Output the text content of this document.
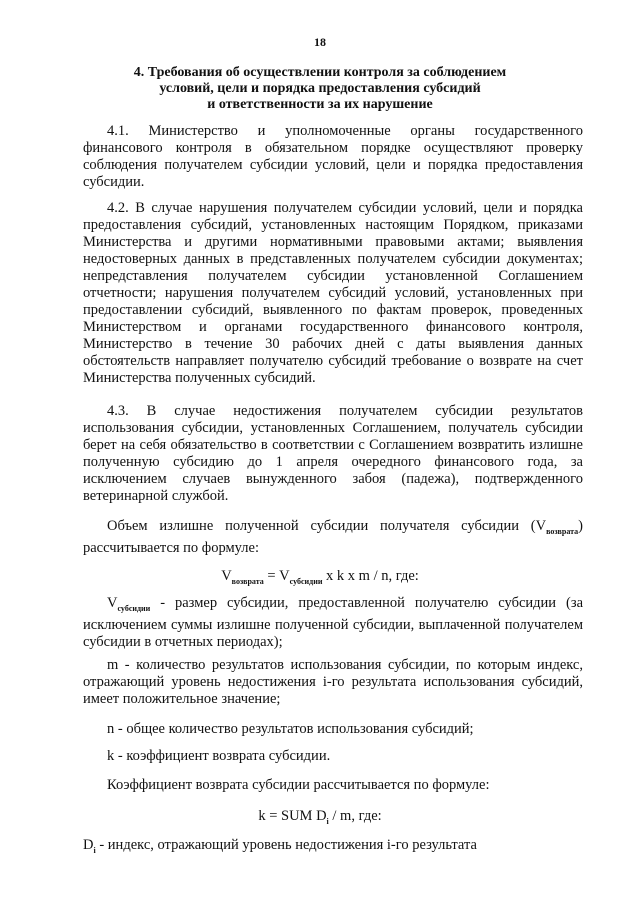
18
4. Требования об осуществлении контроля за соблюдением
условий, цели и порядка предоставления субсидий
и ответственности за их нарушение
4.1. Министерство и уполномоченные органы государственного финансового контроля в обязательном порядке осуществляют проверку соблюдения получателем субсидии условий, цели и порядка предоставления субсидии.
4.2. В случае нарушения получателем субсидии условий, цели и порядка предоставления субсидий, установленных настоящим Порядком, приказами Министерства и другими нормативными правовыми актами; выявления недостоверных данных в представленных получателем субсидии документах; непредставления получателем субсидии установленной Соглашением отчетности; нарушения получателем субсидий условий, установленных при предоставлении субсидий, выявленного по фактам проверок, проведенных Министерством и органами государственного финансового контроля, Министерство в течение 30 рабочих дней с даты выявления данных обстоятельств направляет получателю субсидий требование о возврате на счет Министерства полученных субсидий.
4.3. В случае недостижения получателем субсидии результатов использования субсидии, установленных Соглашением, получатель субсидии берет на себя обязательство в соответствии с Соглашением возвратить излишне полученную субсидию до 1 апреля очередного финансового года, за исключением случаев вынужденного забоя (падежа), подтвержденного ветеринарной службой.
Объем излишне полученной субсидии получателя субсидии $(V_{возврата})$ рассчитывается по формуле:
$V_{возврата} = V_{субсидии}$ x k x m / n, где:
$V_{субсидии}$ - размер субсидии, предоставленной получателю субсидии (за исключением суммы излишне полученной субсидии, выплаченной получателем субсидии в отчетных периодах);
m - количество результатов использования субсидии, по которым индекс, отражающий уровень недостижения i-го результата использования субсидий, имеет положительное значение;
n - общее количество результатов использования субсидий;
k - коэффициент возврата субсидии.
Коэффициент возврата субсидии рассчитывается по формуле:
k = SUM $D_i$ / m, где:
$D_i$ - индекс, отражающий уровень недостижения i-го результата
